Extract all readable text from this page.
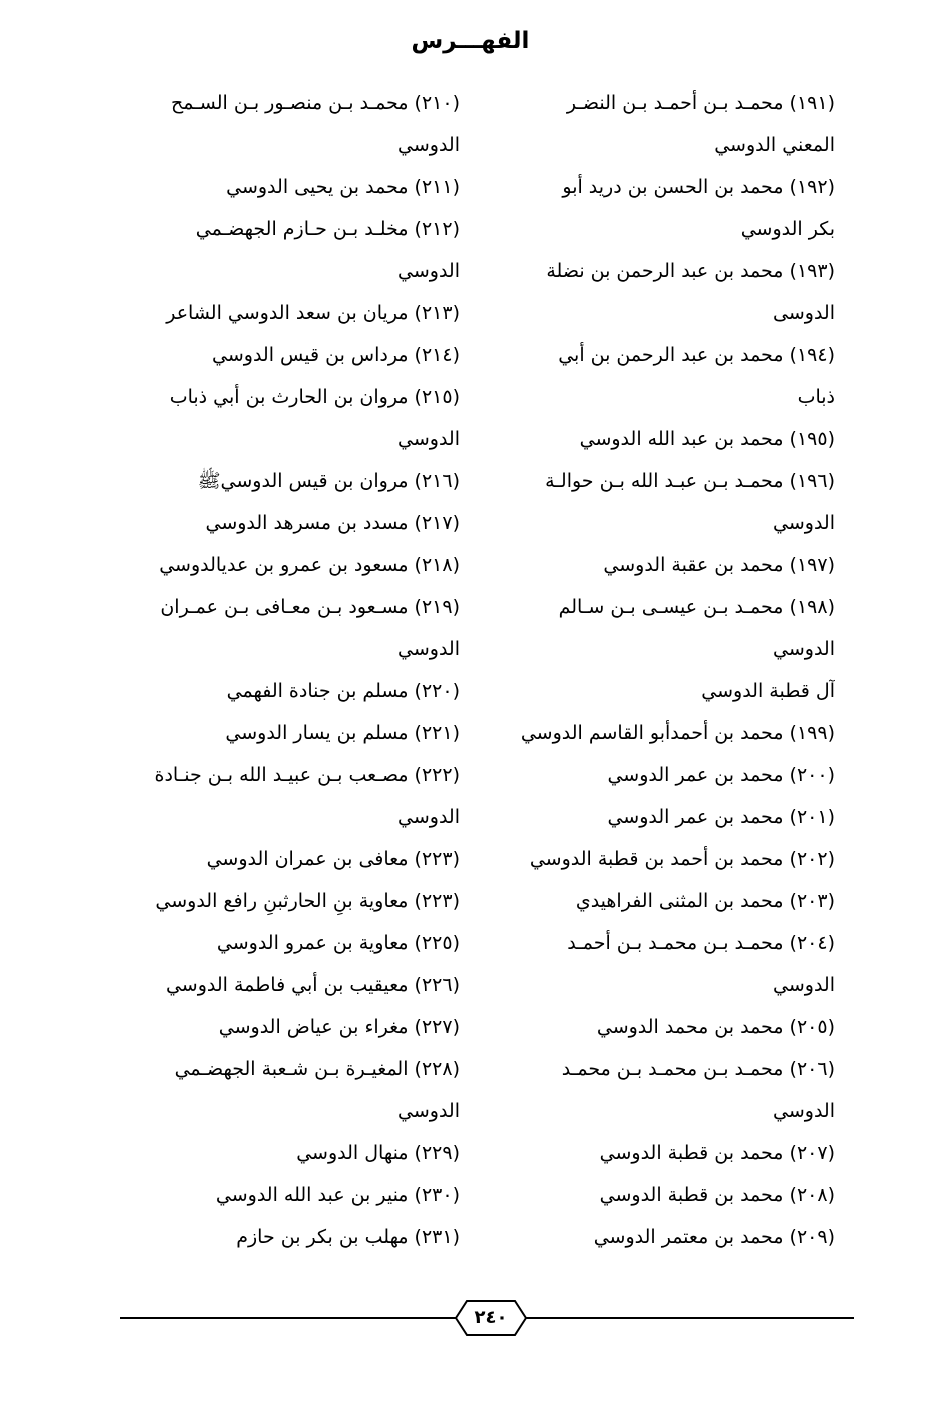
الفهـــرس
(١٩١) محمـد بـن أحمـد بـن النضـر
المعني الدوسي
(١٩٢) محمد بن الحسن بن دريد أبو
بكر الدوسي
(١٩٣) محمد بن عبد الرحمن بن نضلة
الدوسى
(١٩٤) محمد بن عبد الرحمن بن أبي
ذباب
(١٩٥) محمد بن عبد الله الدوسي
(١٩٦) محمـد بـن عبـد الله بـن حوالـة
الدوسي
(١٩٧) محمد بن عقبة الدوسي
(١٩٨) محمـد بـن عيسـى بـن سـالم
الدوسي
آل قطبة الدوسي
(١٩٩) محمد بن أحمدأبو القاسم الدوسي
(٢٠٠) محمد بن عمر الدوسي
(٢٠١) محمد بن عمر الدوسي
(٢٠٢) محمد بن أحمد بن قطبة الدوسي
(٢٠٣) محمد بن المثنى الفراهيدي
(٢٠٤) محمـد بـن محمـد بـن أحمـد
الدوسي
(٢٠٥) محمد بن محمد الدوسي
(٢٠٦) محمـد بـن محمـد بـن محمـد
الدوسي
(٢٠٧) محمد بن قطبة الدوسي
(٢٠٨) محمد بن قطبة الدوسي
(٢٠٩) محمد بن معتمر الدوسي
(٢١٠) محمـد بـن منصـور بـن السـمح
الدوسي
(٢١١) محمد بن يحيى الدوسي
(٢١٢) مخلـد بـن حـازم الجهضـمي
الدوسي
(٢١٣) مريان بن سعد الدوسي الشاعر
(٢١٤) مرداس بن قيس الدوسي
(٢١٥) مروان بن الحارث بن أبي ذباب
الدوسي
(٢١٦) مروان بن قيس الدوسيﷺ
(٢١٧) مسدد بن مسرهد الدوسي
(٢١٨) مسعود بن عمرو بن عديالدوسي
(٢١٩) مسـعود بـن معـافى بـن عمـران
الدوسي
(٢٢٠) مسلم بن جنادة الفهمي
(٢٢١) مسلم بن يسار الدوسي
(٢٢٢) مصـعب بـن عبيـد الله بـن جنـادة
الدوسي
(٢٢٣) معافى بن عمران الدوسي
(٢٢٣) معاوية بنِ الحارثبنِ رافع الدوسي
(٢٢٥) معاوية بن عمرو الدوسي
(٢٢٦) معيقيب بن أبي فاطمة الدوسي
(٢٢٧) مغراء بن عياض الدوسي
(٢٢٨) المغيـرة بـن شـعبة الجهضـمي
الدوسي
(٢٢٩) منهال الدوسي
(٢٣٠) منير بن عبد الله الدوسي
(٢٣١) مهلب بن بكر بن حازم
٢٤٠
